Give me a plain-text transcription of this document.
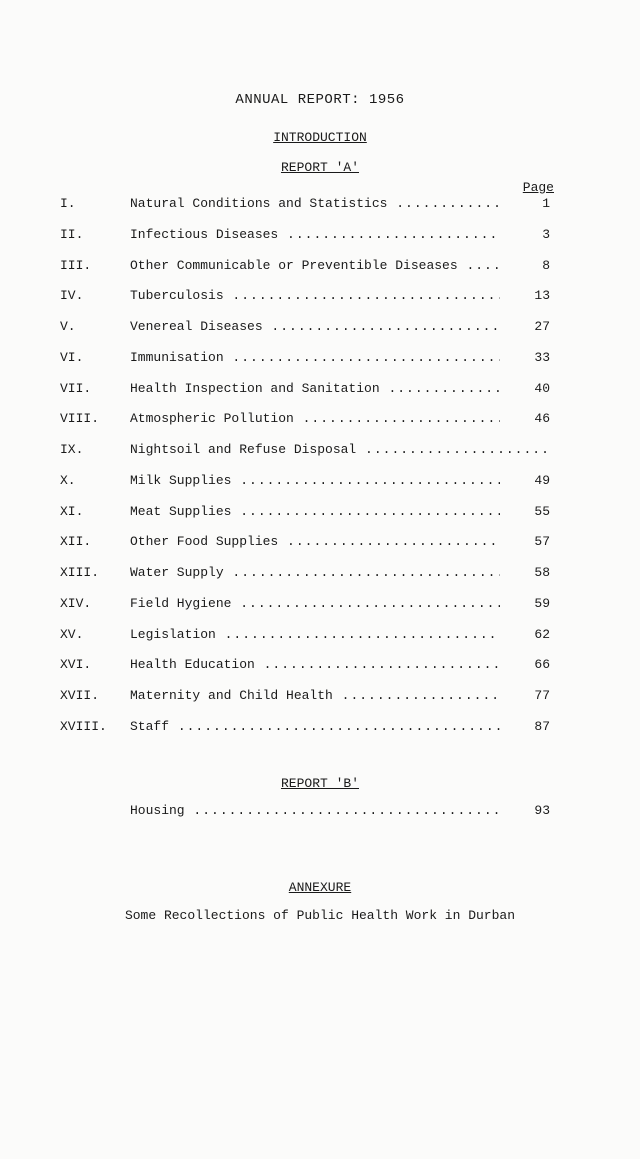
ANNUAL REPORT: 1956
INTRODUCTION
REPORT 'A'
Page
I.	Natural Conditions and Statistics .....	1
II.	Infectious Diseases .....	3
III.	Other Communicable or Preventible Diseases .....	8
IV.	Tuberculosis .....	13
V.	Venereal Diseases .....	27
VI.	Immunisation .....	33
VII.	Health Inspection and Sanitation .....	40
VIII. Atmospheric Pollution .....	46
IX.	Nightsoil and Refuse Disposal .....
X.	Milk Supplies .....	49
XI.	Meat Supplies .....	55
XII.	Other Food Supplies .....	57
XIII. Water Supply .....	58
XIV.	Field Hygiene .....	59
XV.	Legislation .....	62
XVI.	Health Education .....	66
XVII. Maternity and Child Health .....	77
XVIII. Staff .....	87
REPORT 'B'
Housing .....	93
ANNEXURE
Some Recollections of Public Health Work in Durban
